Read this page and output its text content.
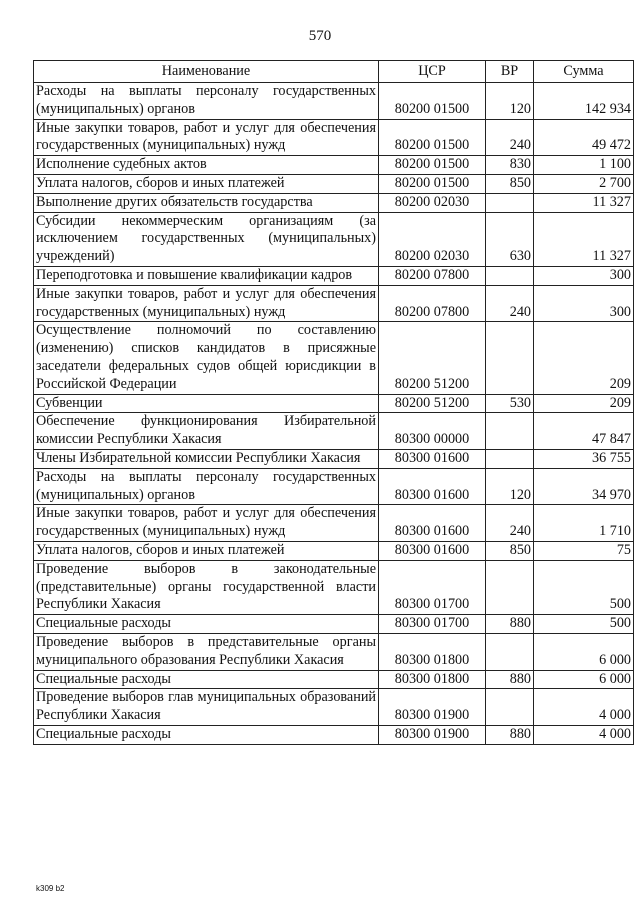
570
Наименование	ЦСР	ВР	Сумма
Расходы на выплаты персоналу государственных (муниципальных) органов	80200 01500	120	142 934
Иные закупки товаров, работ и услуг для обеспечения государственных (муниципальных) нужд	80200 01500	240	49 472
Исполнение судебных актов	80200 01500	830	1 100
Уплата налогов, сборов и иных платежей	80200 01500	850	2 700
Выполнение других обязательств государства	80200 02030		11 327
Субсидии некоммерческим организациям (за исключением государственных (муниципальных) учреждений)	80200 02030	630	11 327
Переподготовка и повышение квалификации кадров	80200 07800		300
Иные закупки товаров, работ и услуг для обеспечения государственных (муниципальных) нужд	80200 07800	240	300
Осуществление полномочий по составлению (изменению) списков кандидатов в присяжные заседатели федеральных судов общей юрисдикции в Российской Федерации	80200 51200		209
Субвенции	80200 51200	530	209
Обеспечение функционирования Избирательной комиссии Республики Хакасия	80300 00000		47 847
Члены Избирательной комиссии Республики Хакасия	80300 01600		36 755
Расходы на выплаты персоналу государственных (муниципальных) органов	80300 01600	120	34 970
Иные закупки товаров, работ и услуг для обеспечения государственных (муниципальных) нужд	80300 01600	240	1 710
Уплата налогов, сборов и иных платежей	80300 01600	850	75
Проведение выборов в законодательные (представительные) органы государственной власти Республики Хакасия	80300 01700		500
Специальные расходы	80300 01700	880	500
Проведение выборов в представительные органы муниципального образования Республики Хакасия	80300 01800		6 000
Специальные расходы	80300 01800	880	6 000
Проведение выборов глав муниципальных образований Республики Хакасия	80300 01900		4 000
Специальные расходы	80300 01900	880	4 000
k309 b2
